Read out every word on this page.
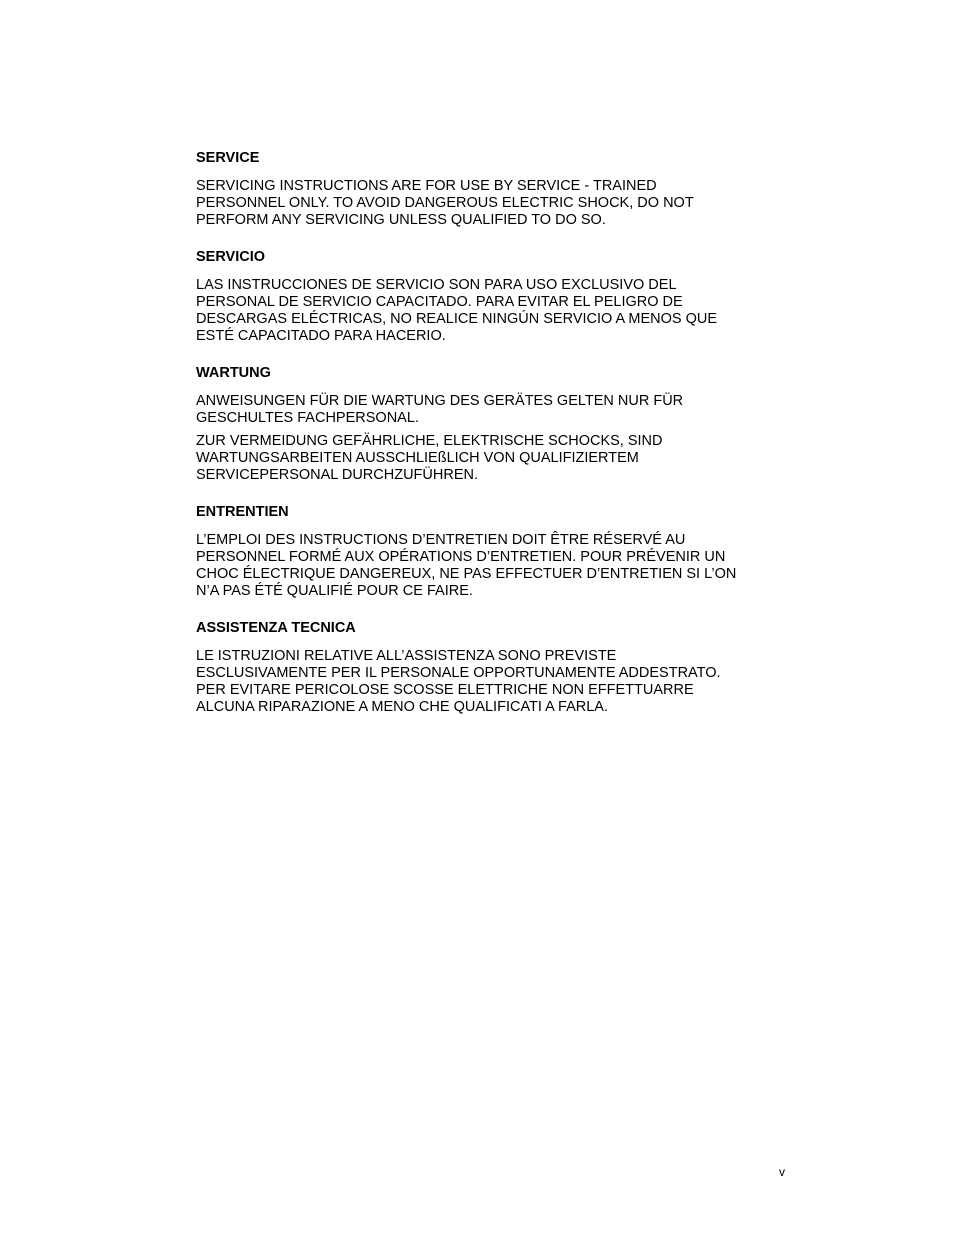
SERVICE
SERVICING INSTRUCTIONS ARE FOR USE BY SERVICE - TRAINED
PERSONNEL ONLY. TO AVOID DANGEROUS ELECTRIC SHOCK, DO NOT
PERFORM ANY SERVICING UNLESS QUALIFIED TO DO SO.
SERVICIO
LAS INSTRUCCIONES DE SERVICIO SON PARA USO EXCLUSIVO DEL
PERSONAL DE SERVICIO CAPACITADO. PARA EVITAR EL PELIGRO DE
DESCARGAS ELÉCTRICAS, NO REALICE NINGÚN SERVICIO A MENOS QUE
ESTÉ CAPACITADO PARA HACERIO.
WARTUNG
ANWEISUNGEN FÜR DIE WARTUNG DES GERÄTES GELTEN NUR FÜR
GESCHULTES FACHPERSONAL.
ZUR VERMEIDUNG GEFÄHRLICHE, ELEKTRISCHE SCHOCKS, SIND
WARTUNGSARBEITEN AUSSCHLIEßLICH VON QUALIFIZIERTEM
SERVICEPERSONAL DURCHZUFÜHREN.
ENTRENTIEN
L’EMPLOI DES INSTRUCTIONS D’ENTRETIEN DOIT ÊTRE RÉSERVÉ AU
PERSONNEL FORMÉ AUX OPÉRATIONS D’ENTRETIEN. POUR PRÉVENIR UN
CHOC ÉLECTRIQUE DANGEREUX, NE PAS EFFECTUER D’ENTRETIEN SI L’ON
N’A PAS ÉTÉ QUALIFIÉ POUR CE FAIRE.
ASSISTENZA TECNICA
LE ISTRUZIONI RELATIVE ALL’ASSISTENZA SONO PREVISTE
ESCLUSIVAMENTE PER IL PERSONALE OPPORTUNAMENTE ADDESTRATO.
PER EVITARE PERICOLOSE SCOSSE ELETTRICHE NON EFFETTUARRE
ALCUNA RIPARAZIONE A MENO CHE QUALIFICATI A FARLA.
v
